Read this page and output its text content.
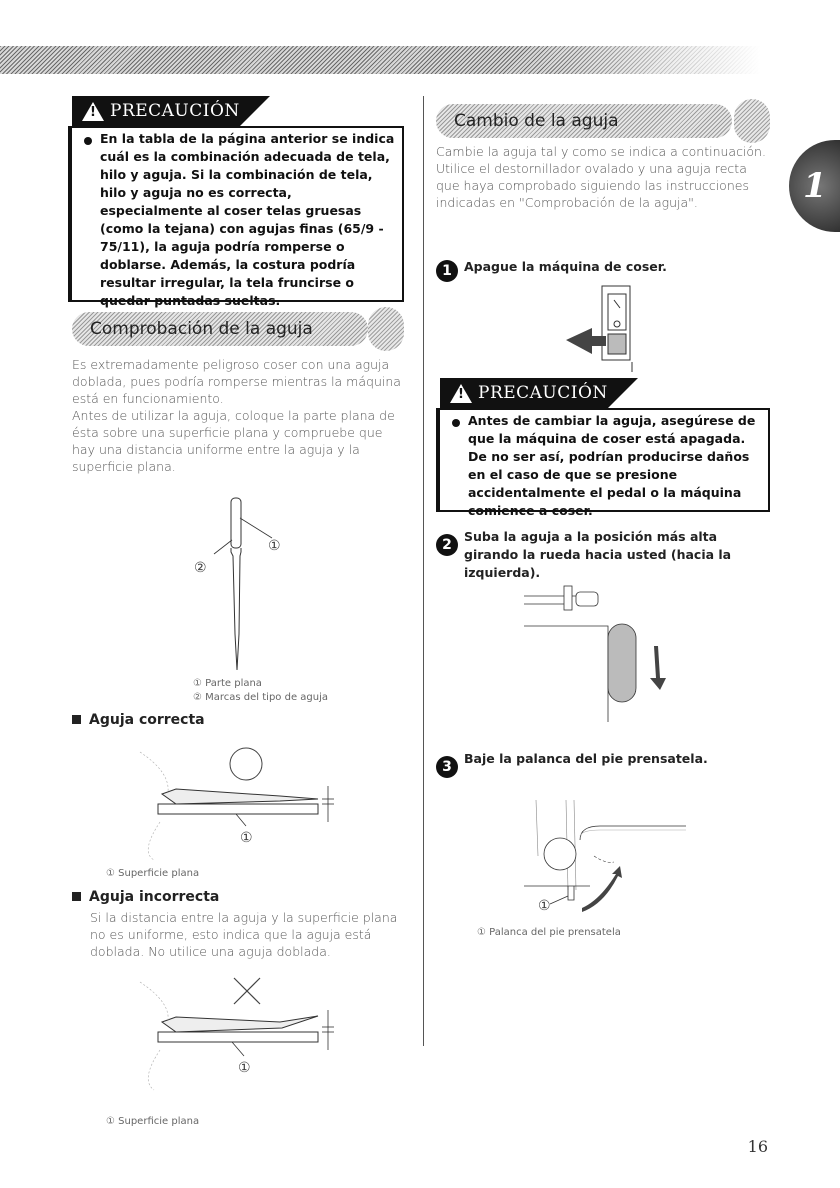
1
! PRECAUCIÓN
En la tabla de la página anterior se indica cuál es la combinación adecuada de tela, hilo y aguja. Si la combinación de tela, hilo y aguja no es correcta, especialmente al coser telas gruesas (como la tejana) con agujas finas (65/9 - 75/11), la aguja podría romperse o doblarse. Además, la costura podría resultar irregular, la tela fruncirse o quedar puntadas sueltas.
Comprobación de la aguja
Es extremadamente peligroso coser con una aguja doblada, pues podría romperse mientras la máquina está en funcionamiento.
Antes de utilizar la aguja, coloque la parte plana de ésta sobre una superficie plana y compruebe que hay una distancia uniforme entre la aguja y la superficie plana.
①
②
① Parte plana
② Marcas del tipo de aguja
Aguja correcta
①
① Superficie plana
Aguja incorrecta
Si la distancia entre la aguja y la superficie plana no es uniforme, esto indica que la aguja está doblada. No utilice una aguja doblada.
①
① Superficie plana
Cambio de la aguja
Cambie la aguja tal y como se indica a continuación. Utilice el destornillador ovalado y una aguja recta que haya comprobado siguiendo las instrucciones indicadas en "Comprobación de la aguja".
1 Apague la máquina de coser.
! PRECAUCIÓN
Antes de cambiar la aguja, asegúrese de que la máquina de coser está apagada. De no ser así, podrían producirse daños en el caso de que se presione accidentalmente el pedal o la máquina comience a coser.
2
Suba la aguja a la posición más alta girando la rueda hacia usted (hacia la izquierda).
3
Baje la palanca del pie prensatela.
①
① Palanca del pie prensatela
16
